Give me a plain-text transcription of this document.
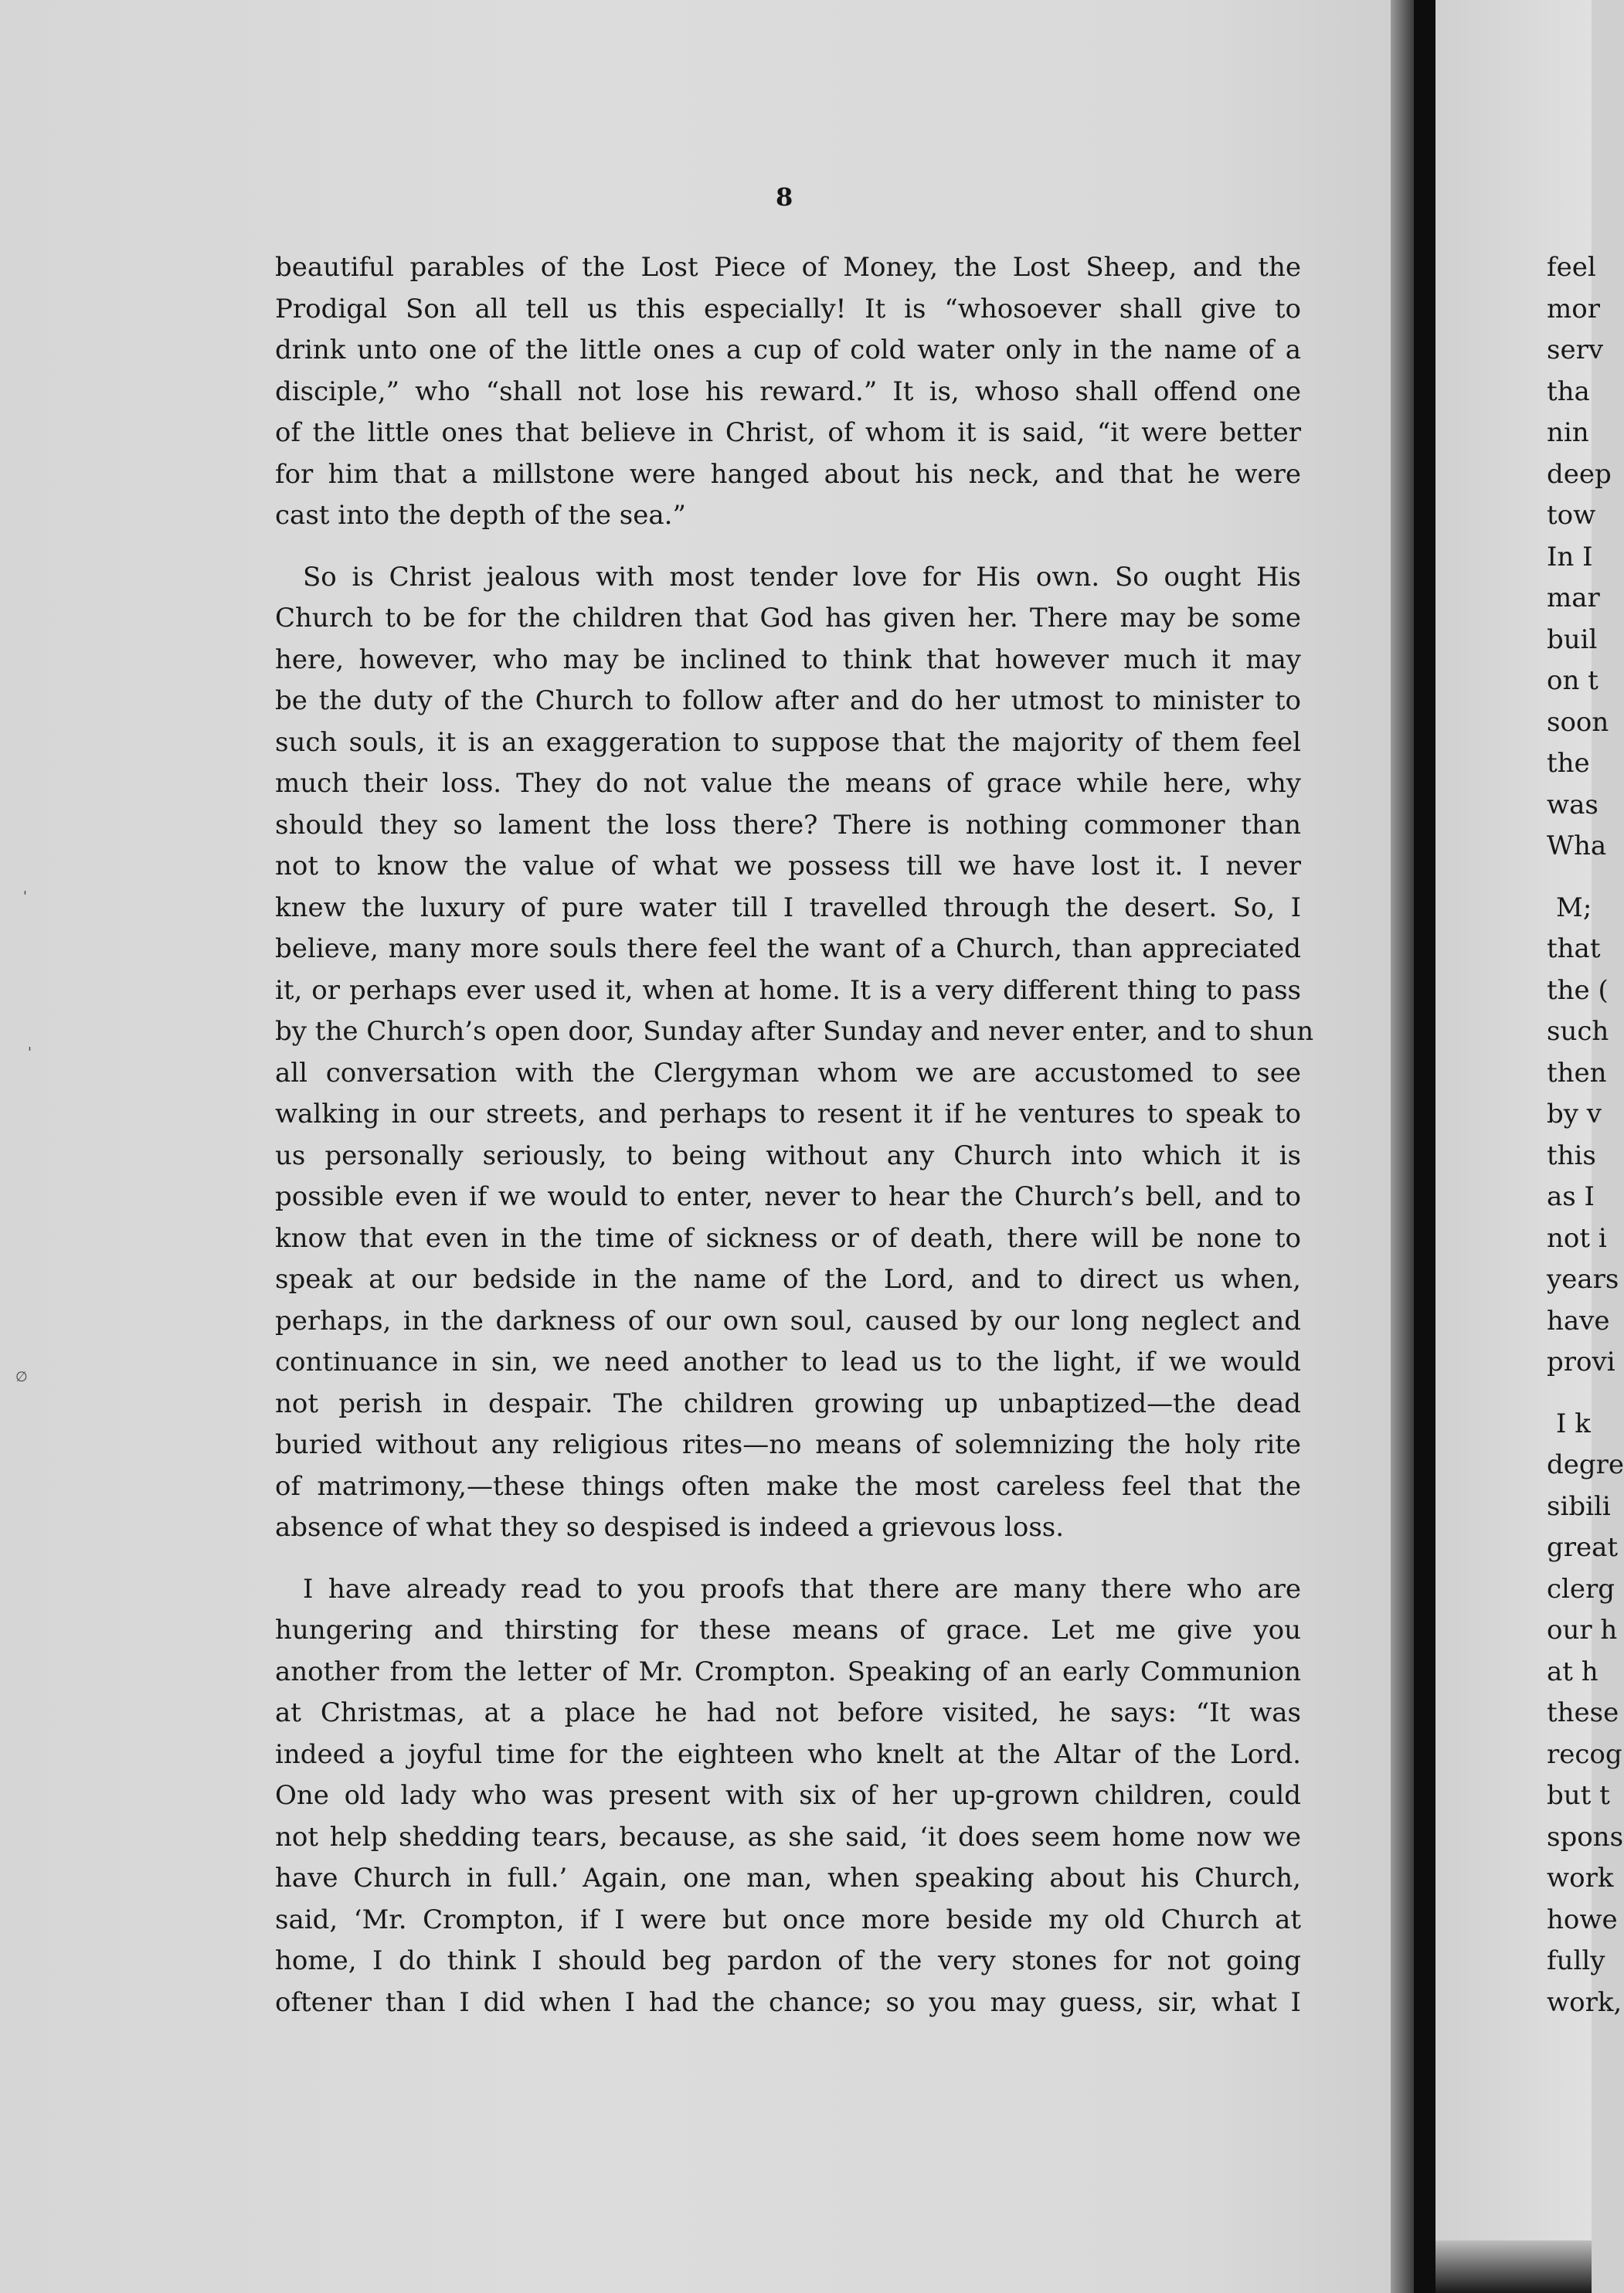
'
'
∅
8
beautiful parables of the Lost Piece of Money, the Lost Sheep, and the
Prodigal Son all tell us this especially! It is “whosoever shall give to
drink unto one of the little ones a cup of cold water only in the name of a
disciple,” who “shall not lose his reward.” It is, whoso shall offend one
of the little ones that believe in Christ, of whom it is said, “it were better
for him that a millstone were hanged about his neck, and that he were
cast into the depth of the sea.”
So is Christ jealous with most tender love for His own. So ought His
Church to be for the children that God has given her. There may be some
here, however, who may be inclined to think that however much it may
be the duty of the Church to follow after and do her utmost to minister to
such souls, it is an exaggeration to suppose that the majority of them feel
much their loss. They do not value the means of grace while here, why
should they so lament the loss there? There is nothing commoner than
not to know the value of what we possess till we have lost it. I never
knew the luxury of pure water till I travelled through the desert. So, I
believe, many more souls there feel the want of a Church, than appreciated
it, or perhaps ever used it, when at home. It is a very different thing to pass
by the Church’s open door, Sunday after Sunday and never enter, and to shun
all conversation with the Clergyman whom we are accustomed to see
walking in our streets, and perhaps to resent it if he ventures to speak to
us personally seriously, to being without any Church into which it is
possible even if we would to enter, never to hear the Church’s bell, and to
know that even in the time of sickness or of death, there will be none to
speak at our bedside in the name of the Lord, and to direct us when,
perhaps, in the darkness of our own soul, caused by our long neglect and
continuance in sin, we need another to lead us to the light, if we would
not perish in despair. The children growing up unbaptized—the dead
buried without any religious rites—no means of solemnizing the holy rite
of matrimony,—these things often make the most careless feel that the
absence of what they so despised is indeed a grievous loss.
I have already read to you proofs that there are many there who are
hungering and thirsting for these means of grace. Let me give you
another from the letter of Mr. Crompton. Speaking of an early Communion
at Christmas, at a place he had not before visited, he says: “It was
indeed a joyful time for the eighteen who knelt at the Altar of the Lord.
One old lady who was present with six of her up-grown children, could
not help shedding tears, because, as she said, ‘it does seem home now we
have Church in full.’ Again, one man, when speaking about his Church,
said, ‘Mr. Crompton, if I were but once more beside my old Church at
home, I do think I should beg pardon of the very stones for not going
oftener than I did when I had the chance; so you may guess, sir, what I
feel
mor
serv
tha
nin
deep
tow
In I
mar
buil
on t
soon
the
was
Wha
M;
that
the (
such
then
by v
this
as I
not i
years
have
provi
I k
degre
sibili
great
clerg
our h
at h
these
recog
but t
spons
work
howe
fully
work,
